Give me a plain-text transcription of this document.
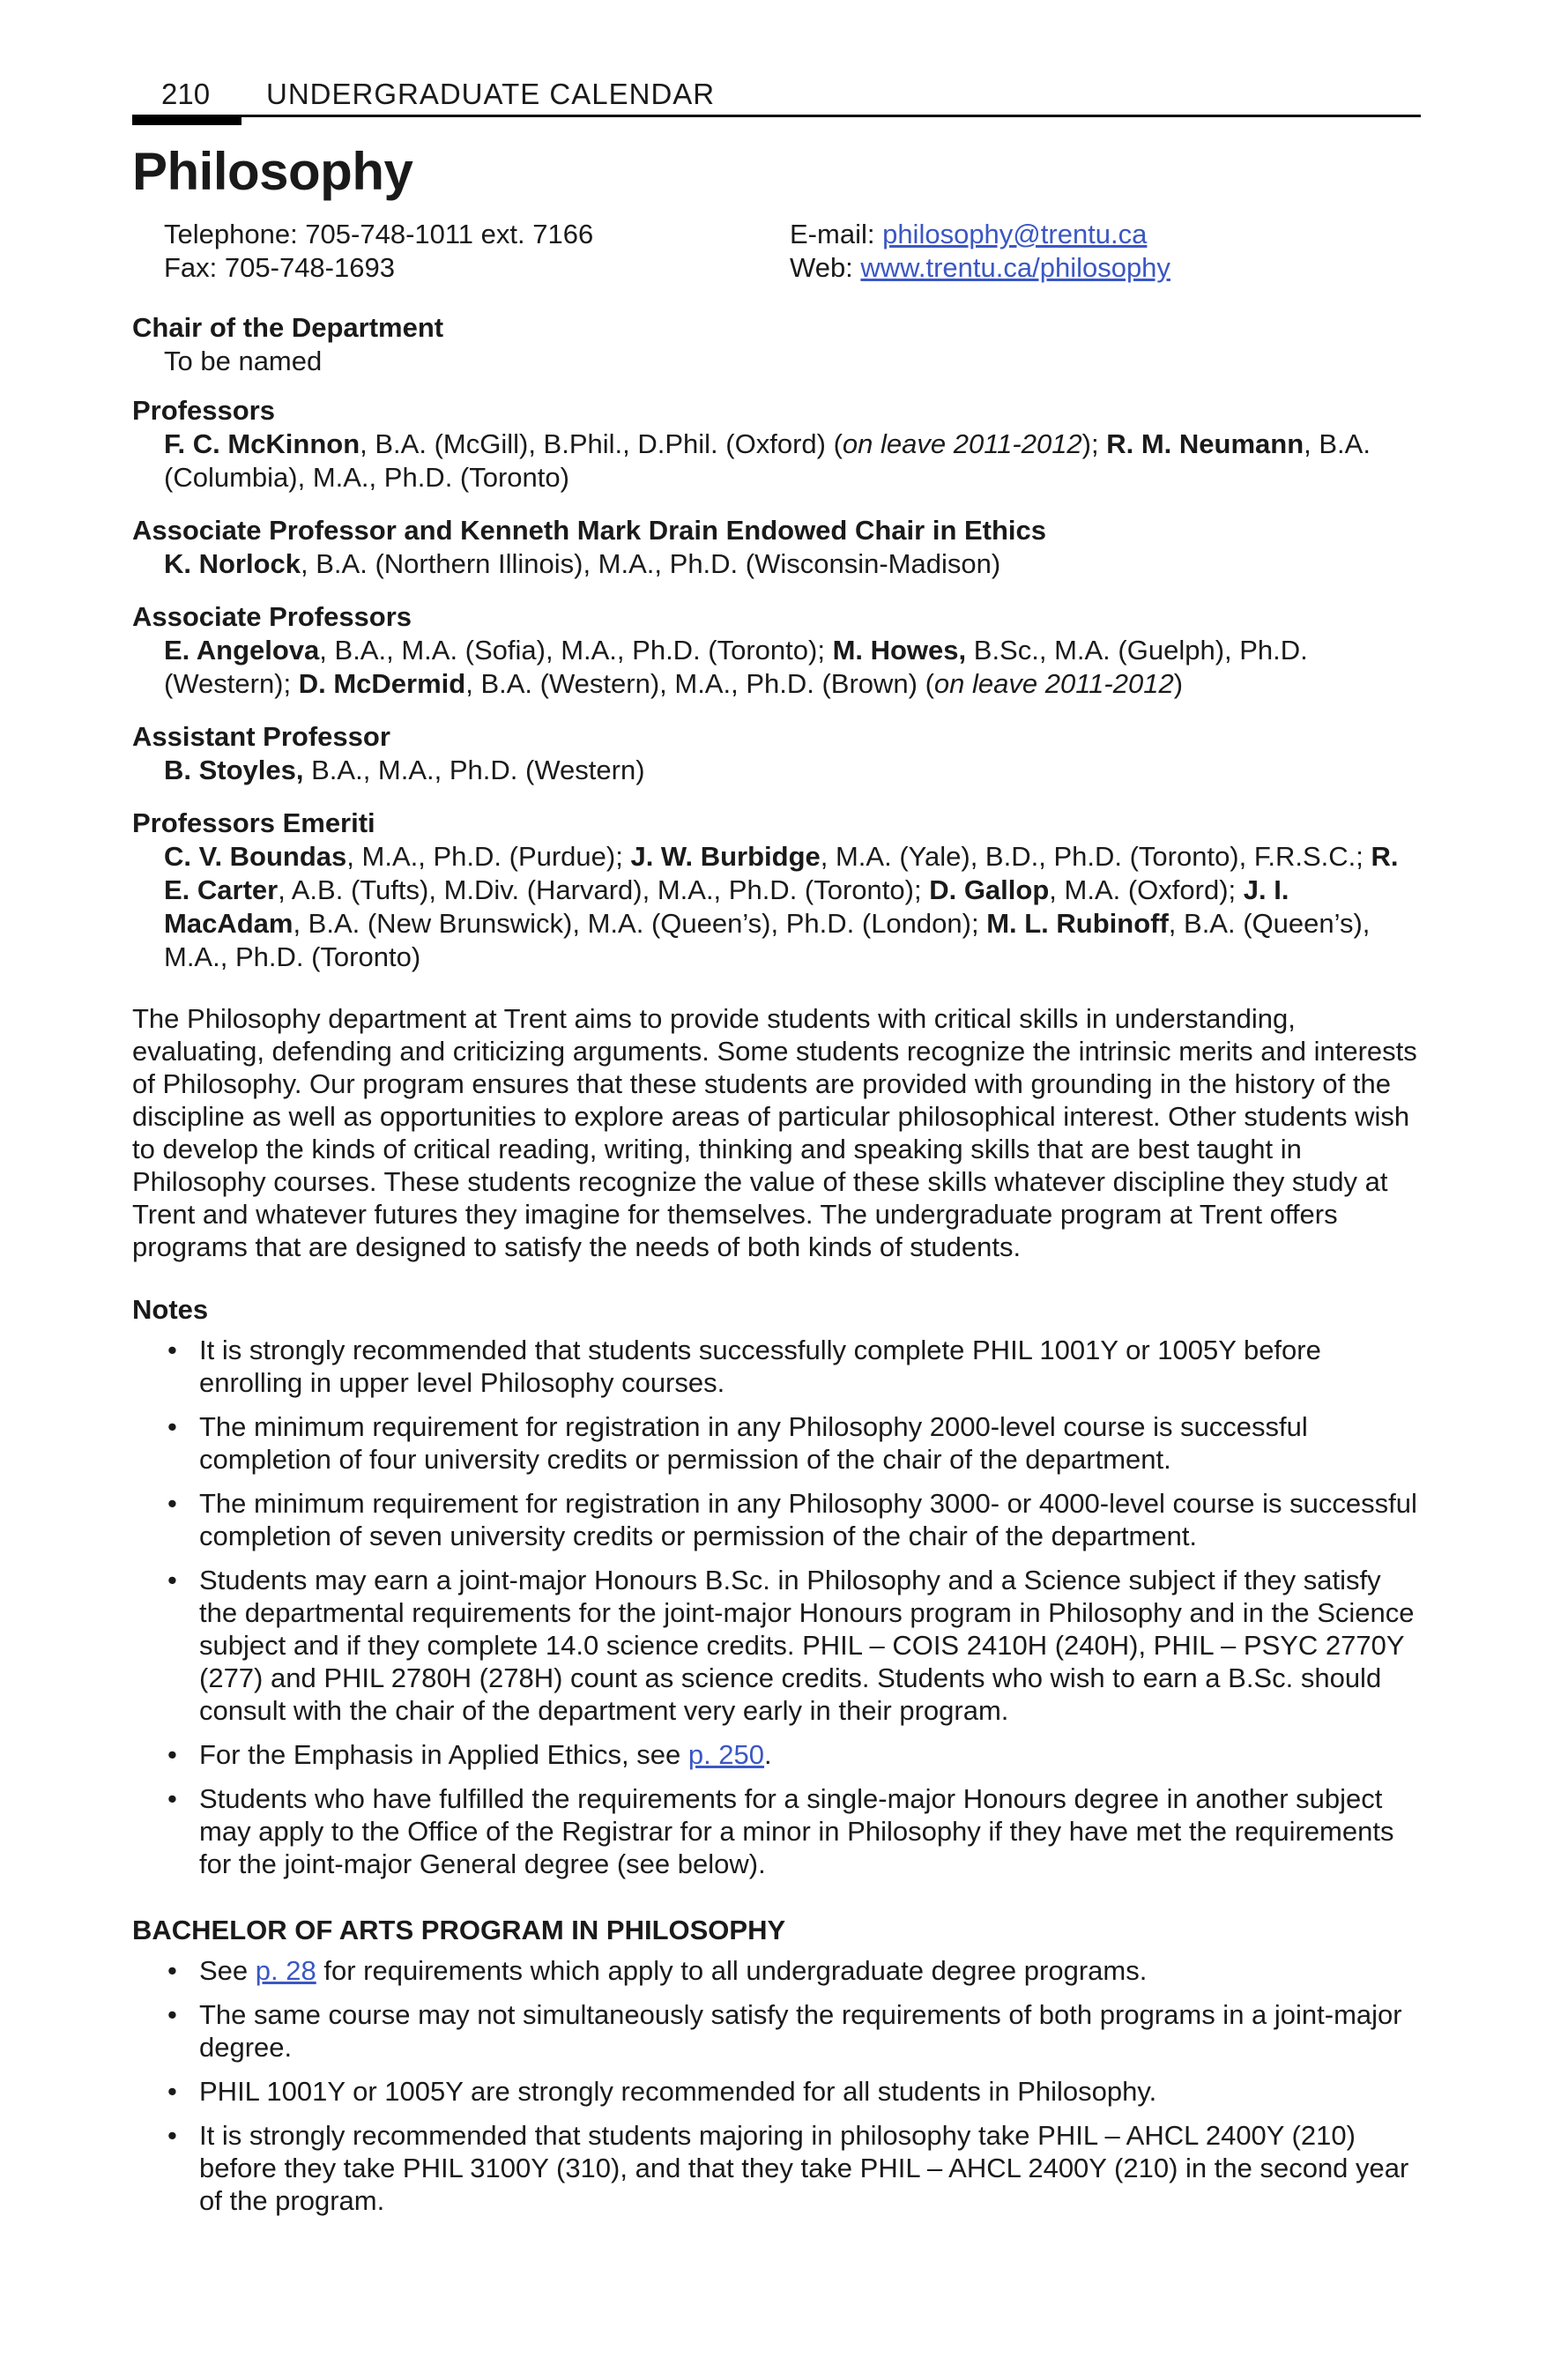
210	UNDERGRADUATE CALENDAR
Philosophy
Telephone: 705-748-1011 ext. 7166	E-mail: philosophy@trentu.ca
Fax: 705-748-1693	Web: www.trentu.ca/philosophy
Chair of the Department
To be named
Professors
F. C. McKinnon, B.A. (McGill), B.Phil., D.Phil. (Oxford) (on leave 2011-2012); R. M. Neumann, B.A. (Columbia), M.A., Ph.D. (Toronto)
Associate Professor and Kenneth Mark Drain Endowed Chair in Ethics
K. Norlock, B.A. (Northern Illinois), M.A., Ph.D. (Wisconsin-Madison)
Associate Professors
E. Angelova, B.A., M.A. (Sofia), M.A., Ph.D. (Toronto); M. Howes, B.Sc., M.A. (Guelph), Ph.D. (Western); D. McDermid, B.A. (Western), M.A., Ph.D. (Brown) (on leave 2011-2012)
Assistant Professor
B. Stoyles, B.A., M.A., Ph.D. (Western)
Professors Emeriti
C. V. Boundas, M.A., Ph.D. (Purdue); J. W. Burbidge, M.A. (Yale), B.D., Ph.D. (Toronto), F.R.S.C.; R. E. Carter, A.B. (Tufts), M.Div. (Harvard), M.A., Ph.D. (Toronto); D. Gallop, M.A. (Oxford); J. I. MacAdam, B.A. (New Brunswick), M.A. (Queen’s), Ph.D. (London); M. L. Rubinoff, B.A. (Queen’s), M.A., Ph.D. (Toronto)

The Philosophy department at Trent aims to provide students with critical skills in understanding, evaluating, defending and criticizing arguments. Some students recognize the intrinsic merits and interests of Philosophy. Our program ensures that these students are provided with grounding in the history of the discipline as well as opportunities to explore areas of particular philosophical interest. Other students wish to develop the kinds of critical reading, writing, thinking and speaking skills that are best taught in Philosophy courses. These students recognize the value of these skills whatever discipline they study at Trent and whatever futures they imagine for themselves. The undergraduate program at Trent offers programs that are designed to satisfy the needs of both kinds of students.

Notes
• It is strongly recommended that students successfully complete PHIL 1001Y or 1005Y before enrolling in upper level Philosophy courses.
• The minimum requirement for registration in any Philosophy 2000-level course is successful completion of four university credits or permission of the chair of the department.
• The minimum requirement for registration in any Philosophy 3000- or 4000-level course is successful completion of seven university credits or permission of the chair of the department.
• Students may earn a joint-major Honours B.Sc. in Philosophy and a Science subject if they satisfy the departmental requirements for the joint-major Honours program in Philosophy and in the Science subject and if they complete 14.0 science credits. PHIL – COIS 2410H (240H), PHIL – PSYC 2770Y (277) and PHIL 2780H (278H) count as science credits. Students who wish to earn a B.Sc. should consult with the chair of the department very early in their program.
• For the Emphasis in Applied Ethics, see p. 250.
• Students who have fulfilled the requirements for a single-major Honours degree in another subject may apply to the Office of the Registrar for a minor in Philosophy if they have met the requirements for the joint-major General degree (see below).
BACHELOR OF ARTS PROGRAM IN PHILOSOPHY
• See p. 28 for requirements which apply to all undergraduate degree programs.
• The same course may not simultaneously satisfy the requirements of both programs in a joint-major degree.
• PHIL 1001Y or 1005Y are strongly recommended for all students in Philosophy.
• It is strongly recommended that students majoring in philosophy take PHIL – AHCL 2400Y (210) before they take PHIL 3100Y (310), and that they take PHIL – AHCL 2400Y (210) in the second year of the program.
